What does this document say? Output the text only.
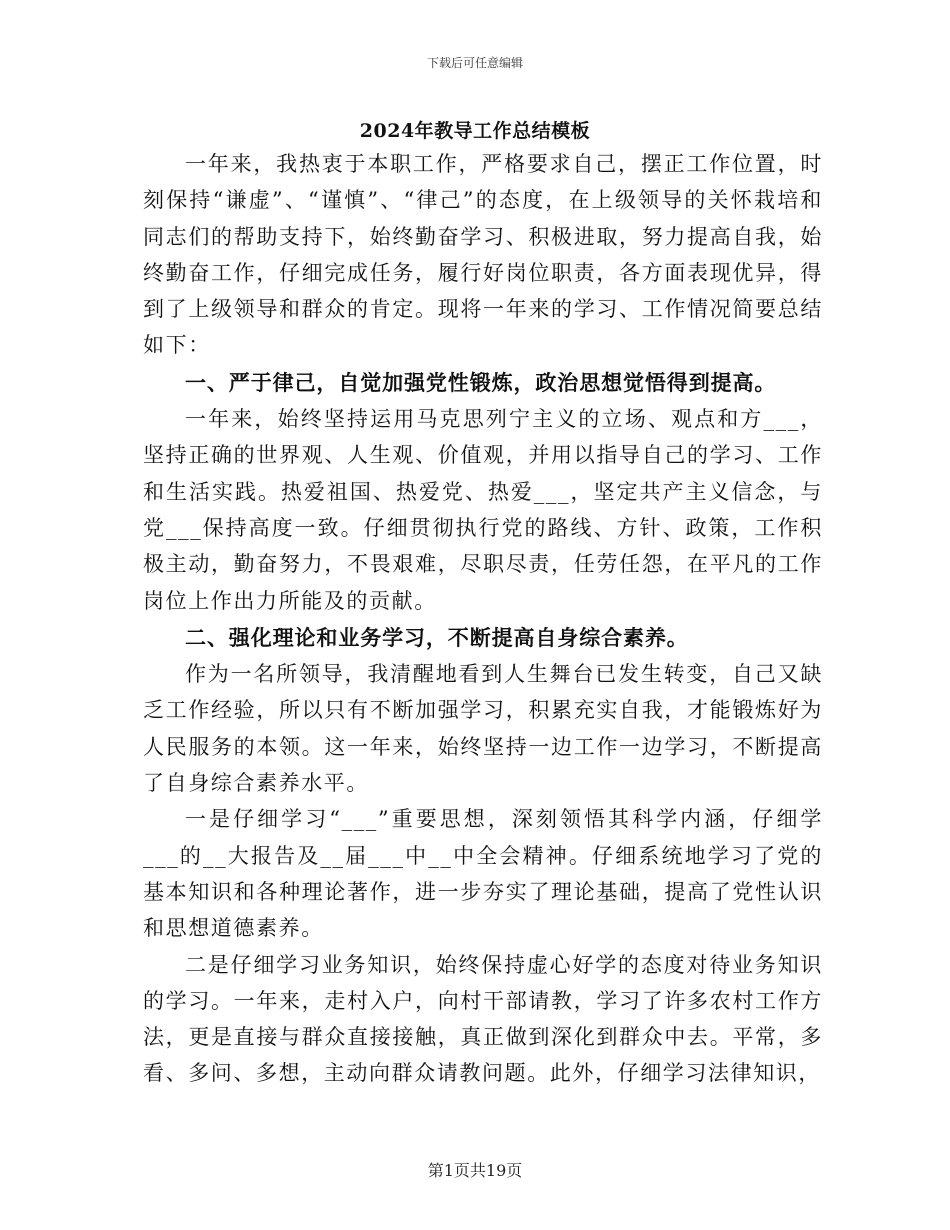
下载后可任意编辑
2024年教导工作总结模板

一年来，我热衷于本职工作，严格要求自己，摆正工作位置，时刻保持“谦虚”、“谨慎”、“律己”的态度，在上级领导的关怀栽培和同志们的帮助支持下，始终勤奋学习、积极进取，努力提高自我，始终勤奋工作，仔细完成任务，履行好岗位职责，各方面表现优异，得到了上级领导和群众的肯定。现将一年来的学习、工作情况简要总结如下：

一、严于律己，自觉加强党性锻炼，政治思想觉悟得到提高。

一年来，始终坚持运用马克思列宁主义的立场、观点和方___，坚持正确的世界观、人生观、价值观，并用以指导自己的学习、工作和生活实践。热爱祖国、热爱党、热爱___，坚定共产主义信念，与党___保持高度一致。仔细贯彻执行党的路线、方针、政策，工作积极主动，勤奋努力，不畏艰难，尽职尽责，任劳任怨，在平凡的工作岗位上作出力所能及的贡献。

二、强化理论和业务学习，不断提高自身综合素养。

作为一名所领导，我清醒地看到人生舞台已发生转变，自己又缺乏工作经验，所以只有不断加强学习，积累充实自我，才能锻炼好为人民服务的本领。这一年来，始终坚持一边工作一边学习，不断提高了自身综合素养水平。

一是仔细学习“___”重要思想，深刻领悟其科学内涵，仔细学___的__大报告及__届___中__中全会精神。仔细系统地学习了党的基本知识和各种理论著作，进一步夯实了理论基础，提高了党性认识和思想道德素养。

二是仔细学习业务知识，始终保持虚心好学的态度对待业务知识的学习。一年来，走村入户，向村干部请教，学习了许多农村工作方法，更是直接与群众直接接触，真正做到深化到群众中去。平常，多看、多问、多想，主动向群众请教问题。此外，仔细学习法律知识，

第1页共19页
